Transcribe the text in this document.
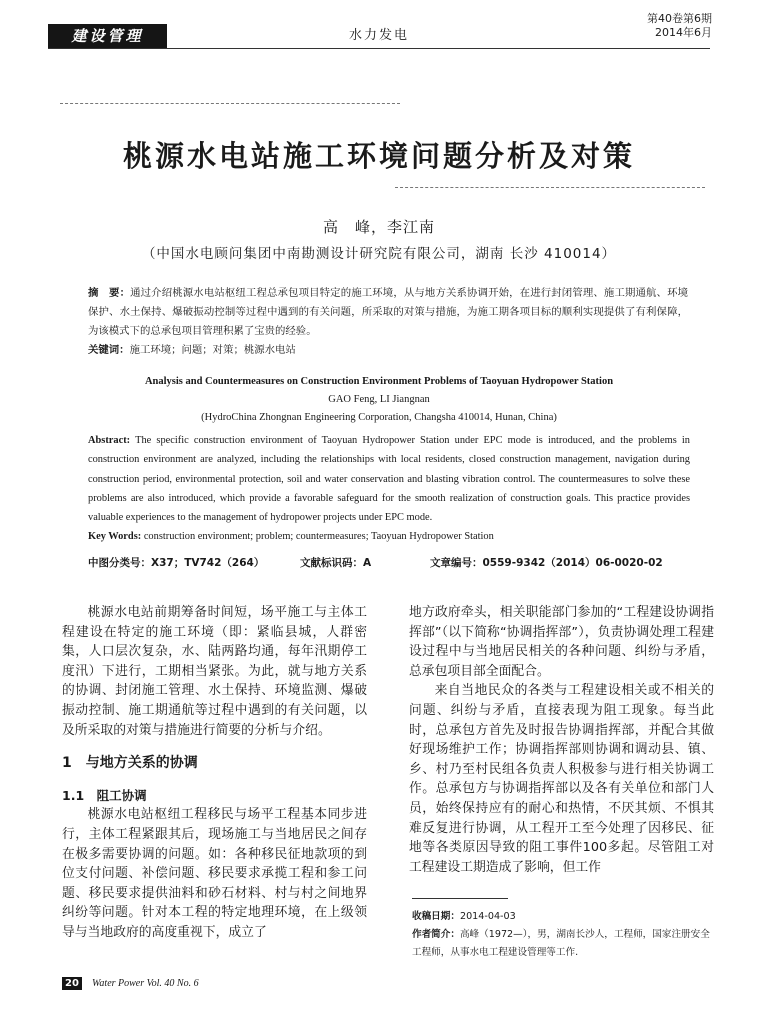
建设管理	水力发电
第40卷第6期
2014年6月
桃源水电站施工环境问题分析及对策
高　峰，李江南
（中国水电顾问集团中南勘测设计研究院有限公司，湖南 长沙 410014）
摘　要：通过介绍桃源水电站枢纽工程总承包项目特定的施工环境，从与地方关系协调开始，在进行封闭管理、施工期通航、环境保护、水土保持、爆破振动控制等过程中遇到的有关问题，所采取的对策与措施，为施工期各项目标的顺利实现提供了有利保障，为该模式下的总承包项目管理积累了宝贵的经验。
关键词：施工环境；问题；对策；桃源水电站
Analysis and Countermeasures on Construction Environment Problems of Taoyuan Hydropower Station
GAO Feng, LI Jiangnan
(HydroChina Zhongnan Engineering Corporation, Changsha 410014, Hunan, China)
Abstract: The specific construction environment of Taoyuan Hydropower Station under EPC mode is introduced, and the problems in construction environment are analyzed, including the relationships with local residents, closed construction management, navigation during construction period, environmental protection, soil and water conservation and blasting vibration control. The countermeasures to solve these problems are also introduced, which provide a favorable safeguard for the smooth realization of construction goals. This practice provides valuable experiences to the management of hydropower projects under EPC mode.
Key Words: construction environment; problem; countermeasures; Taoyuan Hydropower Station
中图分类号：X37；TV742（264）	文献标识码：A	文章编号：0559-9342（2014）06-0020-02

桃源水电站前期筹备时间短，场平施工与主体工程建设在特定的施工环境（即：紧临县城，人群密集，人口层次复杂，水、陆两路均通，每年汛期停工度汛）下进行，工期相当紧张。为此，就与地方关系的协调、封闭施工管理、水土保持、环境监测、爆破振动控制、施工期通航等过程中遇到的有关问题，以及所采取的对策与措施进行简要的分析与介绍。

1　与地方关系的协调
1.1　阻工协调

桃源水电站枢纽工程移民与场平工程基本同步进行，主体工程紧跟其后，现场施工与当地居民之间存在极多需要协调的问题。如：各种移民征地款项的到位支付问题、补偿问题、移民要求承揽工程和参工问题、移民要求提供油料和砂石材料、村与村之间地界纠纷等问题。针对本工程的特定地理环境，在上级领导与当地政府的高度重视下，成立了

地方政府牵头，相关职能部门参加的“工程建设协调指挥部”（以下简称“协调指挥部”），负责协调处理工程建设过程中与当地居民相关的各种问题、纠纷与矛盾，总承包项目部全面配合。

来自当地民众的各类与工程建设相关或不相关的问题、纠纷与矛盾，直接表现为阻工现象。每当此时，总承包方首先及时报告协调指挥部，并配合其做好现场维护工作；协调指挥部则协调和调动县、镇、乡、村乃至村民组各负责人积极参与进行相关协调工作。总承包方与协调指挥部以及各有关单位和部门人员，始终保持应有的耐心和热情，不厌其烦、不惧其难反复进行协调，从工程开工至今处理了因移民、征地等各类原因导致的阻工事件100多起。尽管阻工对工程建设工期造成了影响，但工作

收稿日期：2014-04-03
作者简介：高峰（1972—），男，湖南长沙人，工程师，国家注册安全工程师，从事水电工程建设管理等工作.
20	Water Power Vol. 40 No. 6
